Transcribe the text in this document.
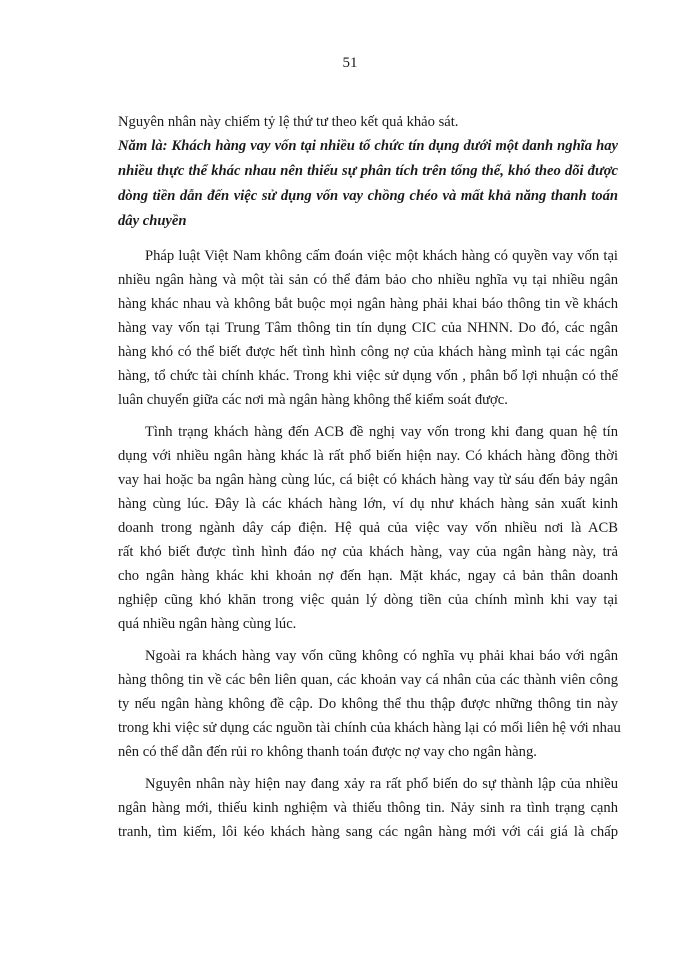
51
Nguyên nhân này chiếm tỷ lệ thứ tư theo kết quả khảo sát.
Năm là: Khách hàng vay vốn tại nhiều tổ chức tín dụng dưới một danh nghĩa hay
nhiều thực thể khác nhau nên thiếu sự phân tích trên tổng thể, khó theo dõi được
dòng tiền dẫn đến việc sử dụng vốn vay chồng chéo và mất khả năng thanh toán
dây chuyền
Pháp luật Việt Nam không cấm đoán việc một khách hàng có quyền vay vốn tại
nhiều ngân hàng và một tài sản có thể đảm bảo cho nhiều nghĩa vụ tại nhiều ngân
hàng khác nhau và không bắt buộc mọi ngân hàng phải khai báo thông tin về khách
hàng vay vốn tại Trung Tâm thông tin tín dụng CIC của NHNN. Do đó, các ngân
hàng khó có thể biết được hết tình hình công nợ của khách hàng mình tại các ngân
hàng, tổ chức tài chính khác. Trong khi việc sử dụng vốn , phân bổ lợi nhuận có thể
luân chuyển giữa các nơi mà ngân hàng không thể kiểm soát được.
Tình trạng khách hàng đến ACB đề nghị vay vốn trong khi đang quan hệ tín
dụng với nhiều ngân hàng khác là rất phổ biến hiện nay. Có khách hàng đồng thời
vay hai hoặc ba ngân hàng cùng lúc, cá biệt có khách hàng vay từ sáu đến bảy ngân
hàng cùng lúc. Đây là các khách hàng lớn, ví dụ như khách hàng sản xuất kinh
doanh trong ngành dây cáp điện. Hệ quả của việc vay vốn nhiều nơi là ACB
rất khó biết được tình hình đáo nợ của khách hàng, vay của ngân hàng này, trả
cho ngân hàng khác khi khoản nợ đến hạn. Mặt khác, ngay cả bản thân doanh
nghiệp cũng khó khăn trong việc quản lý dòng tiền của chính mình khi vay tại
quá nhiều ngân hàng cùng lúc.
Ngoài ra khách hàng vay vốn cũng không có nghĩa vụ phải khai báo với ngân
hàng thông tin về các bên liên quan, các khoản vay cá nhân của các thành viên công
ty nếu ngân hàng không đề cập. Do không thể thu thập được những thông tin này
trong khi việc sử dụng các nguồn tài chính của khách hàng lại có mối liên hệ với nhau
nên có thể dẫn đến rủi ro không thanh toán được nợ vay cho ngân hàng.
Nguyên nhân này hiện nay đang xảy ra rất phổ biến do sự thành lập của nhiều
ngân hàng mới, thiếu kinh nghiệm và thiếu thông tin. Nảy sinh ra tình trạng cạnh
tranh, tìm kiếm, lôi kéo khách hàng sang các ngân hàng mới với cái giá là chấp
